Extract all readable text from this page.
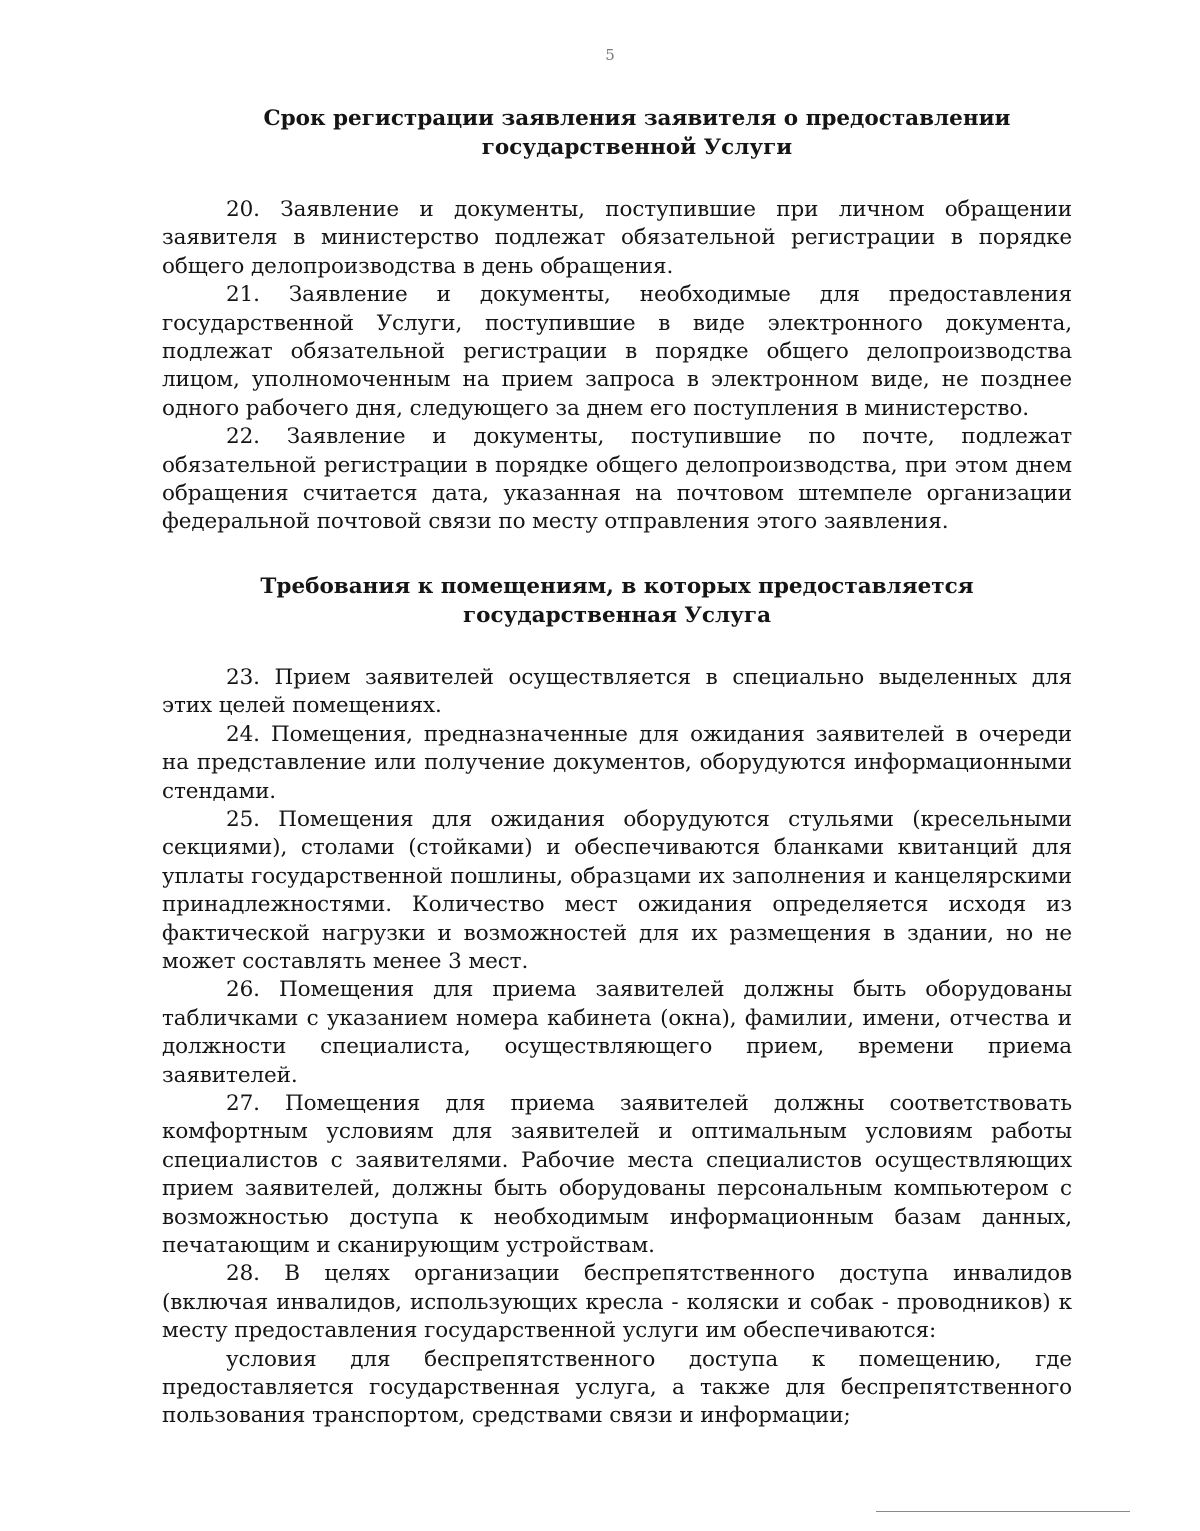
5
Срок регистрации заявления заявителя о предоставлении государственной Услуги

20. Заявление и документы, поступившие при личном обращении заявителя в министерство подлежат обязательной регистрации в порядке общего делопроизводства в день обращения.

21. Заявление и документы, необходимые для предоставления государственной Услуги, поступившие в виде электронного документа, подлежат обязательной регистрации в порядке общего делопроизводства лицом, уполномоченным на прием запроса в электронном виде, не позднее одного рабочего дня, следующего за днем его поступления в министерство.

22. Заявление и документы, поступившие по почте, подлежат обязательной регистрации в порядке общего делопроизводства, при этом днем обращения считается дата, указанная на почтовом штемпеле организации федеральной почтовой связи по месту отправления этого заявления.

Требования к помещениям, в которых предоставляется государственная Услуга

23. Прием заявителей осуществляется в специально выделенных для этих целей помещениях.

24. Помещения, предназначенные для ожидания заявителей в очереди на представление или получение документов, оборудуются информационными стендами.

25. Помещения для ожидания оборудуются стульями (кресельными секциями), столами (стойками) и обеспечиваются бланками квитанций для уплаты государственной пошлины, образцами их заполнения и канцелярскими принадлежностями. Количество мест ожидания определяется исходя из фактической нагрузки и возможностей для их размещения в здании, но не может составлять менее 3 мест.

26. Помещения для приема заявителей должны быть оборудованы табличками с указанием номера кабинета (окна), фамилии, имени, отчества и должности специалиста, осуществляющего прием, времени приема заявителей.

27. Помещения для приема заявителей должны соответствовать комфортным условиям для заявителей и оптимальным условиям работы специалистов с заявителями. Рабочие места специалистов осуществляющих прием заявителей, должны быть оборудованы персональным компьютером с возможностью доступа к необходимым информационным базам данных, печатающим и сканирующим устройствам.

28. В целях организации беспрепятственного доступа инвалидов (включая инвалидов, использующих кресла - коляски и собак - проводников) к месту предоставления государственной услуги им обеспечиваются:

условия для беспрепятственного доступа к помещению, где предоставляется государственная услуга, а также для беспрепятственного пользования транспортом, средствами связи и информации;
